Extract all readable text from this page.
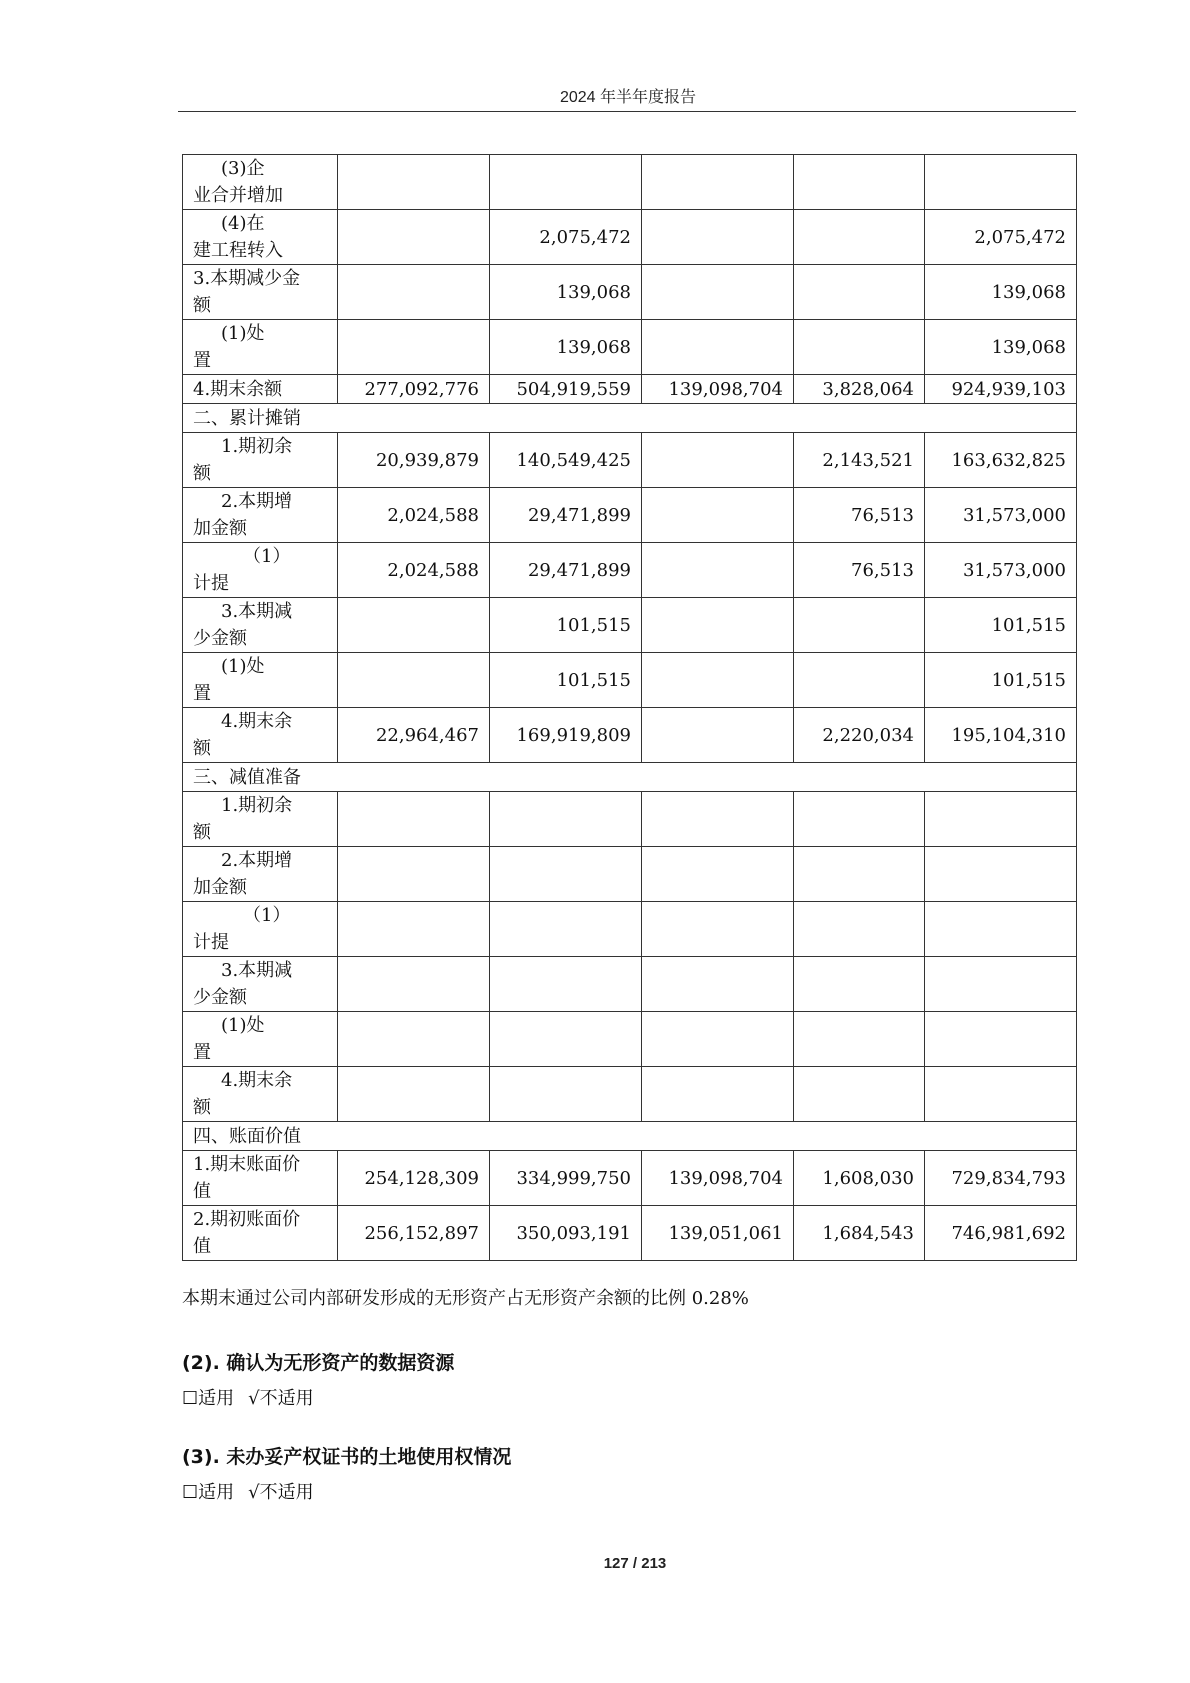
2024 年半年度报告
(3)企
业合并增加					

(4)在
建工程转入		2,075,472			2,075,472
3.本期减少金
额		139,068			139,068

(1)处
置		139,068			139,068
4.期末余额	277,092,776	504,919,559	139,098,704	3,828,064	924,939,103
二、累计摊销					

1.期初余
额	20,939,879	140,549,425		2,143,521	163,632,825

2.本期增
加金额	2,024,588	29,471,899		76,513	31,573,000

（1）
计提	2,024,588	29,471,899		76,513	31,573,000

3.本期减
少金额		101,515			101,515

(1)处
置		101,515			101,515

4.期末余
额	22,964,467	169,919,809		2,220,034	195,104,310
三、减值准备					

1.期初余
额					

2.本期增
加金额					

（1）
计提					

3.本期减
少金额					

(1)处
置					

4.期末余
额					

四、账面价值					
1.期末账面价
值	254,128,309	334,999,750	139,098,704	1,608,030	729,834,793
2.期初账面价
值	256,152,897	350,093,191	139,051,061	1,684,543	746,981,692
本期末通过公司内部研发形成的无形资产占无形资产余额的比例 0.28%
(2). 确认为无形资产的数据资源
☐适用 √不适用
(3). 未办妥产权证书的土地使用权情况
☐适用 √不适用
127 / 213
